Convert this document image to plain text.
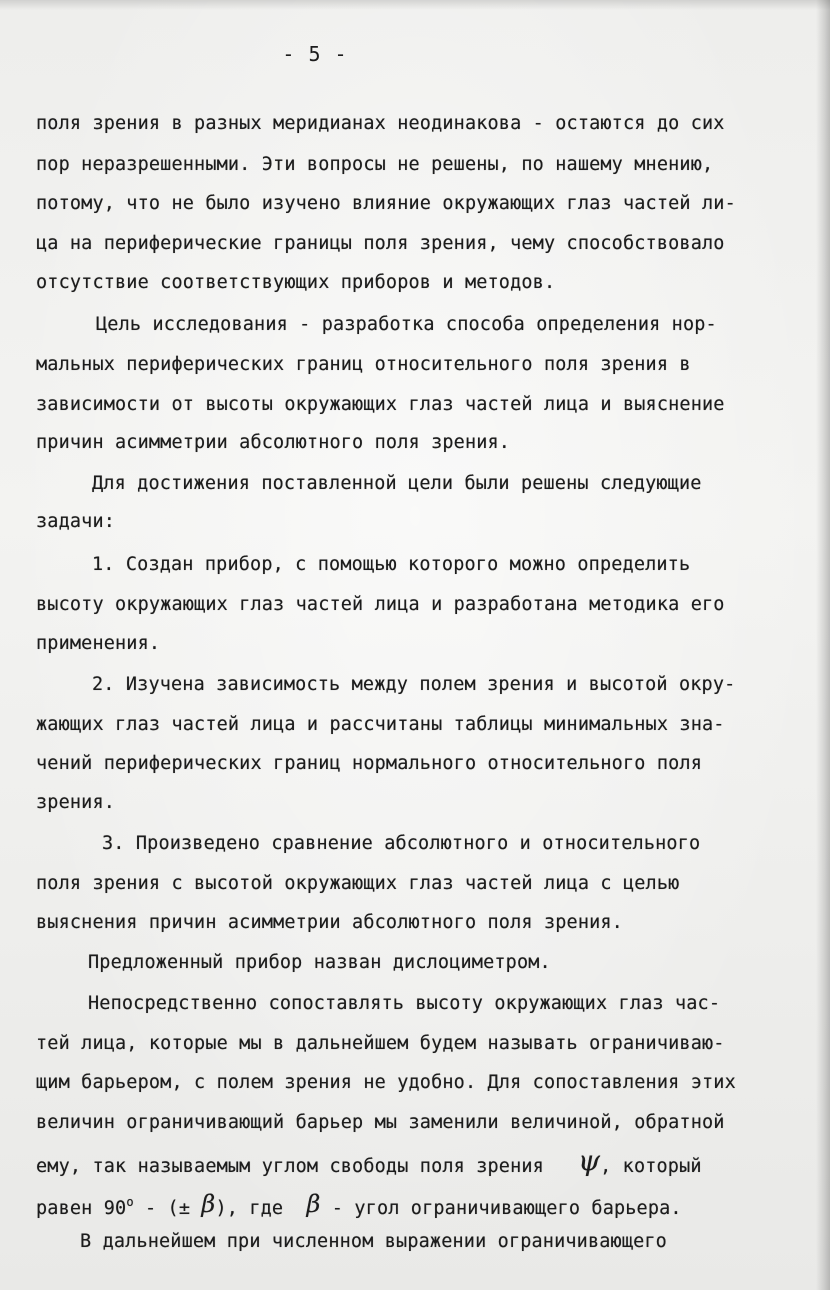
- 5 -
поля зрения в разных меридианах неодинакова - остаются до сих
пор неразрешенными. Эти вопросы не решены, по нашему мнению,
потому, что не было изучено влияние окружающих глаз частей ли-
ца на периферические границы поля зрения, чему способствовало
отсутствие соответствующих приборов и методов.
Цель исследования - разработка способа определения нор-
мальных периферических границ относительного поля зрения в
зависимости от высоты окружающих глаз частей лица и выяснение
причин асимметрии абсолютного поля зрения.
Для достижения поставленной цели были решены следующие
задачи:
1. Создан прибор, с помощью которого можно определить
высоту окружающих глаз частей лица и разработана методика его
применения.
2. Изучена зависимость между полем зрения и высотой окру-
жающих глаз частей лица и рассчитаны таблицы минимальных зна-
чений периферических границ нормального относительного поля
зрения.
3. Произведено сравнение абсолютного и относительного
поля зрения с высотой окружающих глаз частей лица с целью
выяснения причин асимметрии абсолютного поля зрения.
Предложенный прибор назван дислоциметром.
Непосредственно сопоставлять высоту окружающих глаз час-
тей лица, которые мы в дальнейшем будем называть ограничиваю-
щим барьером, с полем зрения не удобно. Для сопоставления этих
величин ограничивающий барьер мы заменили величиной, обратной
ему, так называемым углом свободы поля зрения ψ, который
равен $90^о$ - (± β), где β - угол ограничивающего барьера.
В дальнейшем при численном выражении ограничивающего
